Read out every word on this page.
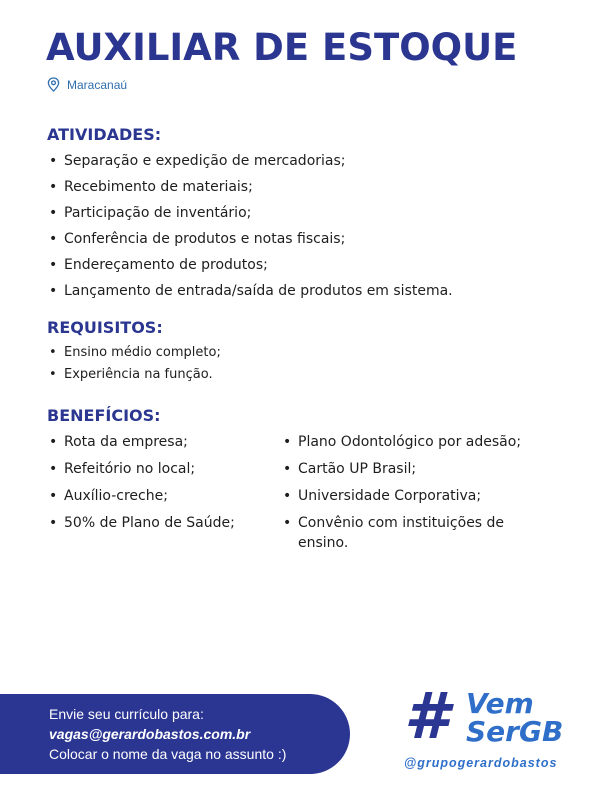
AUXILIAR DE ESTOQUE
Maracanaú
ATIVIDADES:
• Separação e expedição de mercadorias;
• Recebimento de materiais;
• Participação de inventário;
• Conferência de produtos e notas fiscais;
• Endereçamento de produtos;
• Lançamento de entrada/saída de produtos em sistema.
REQUISITOS:
• Ensino médio completo;
• Experiência na função.
BENEFÍCIOS:
• Rota da empresa;
• Refeitório no local;
• Auxílio-creche;
• 50% de Plano de Saúde;
• Plano Odontológico por adesão;
• Cartão UP Brasil;
• Universidade Corporativa;
• Convênio com instituições de ensino.
Envie seu currículo para:
vagas@gerardobastos.com.br
Colocar o nome da vaga no assunto :) # Vem
SerGB
@grupogerardobastos
